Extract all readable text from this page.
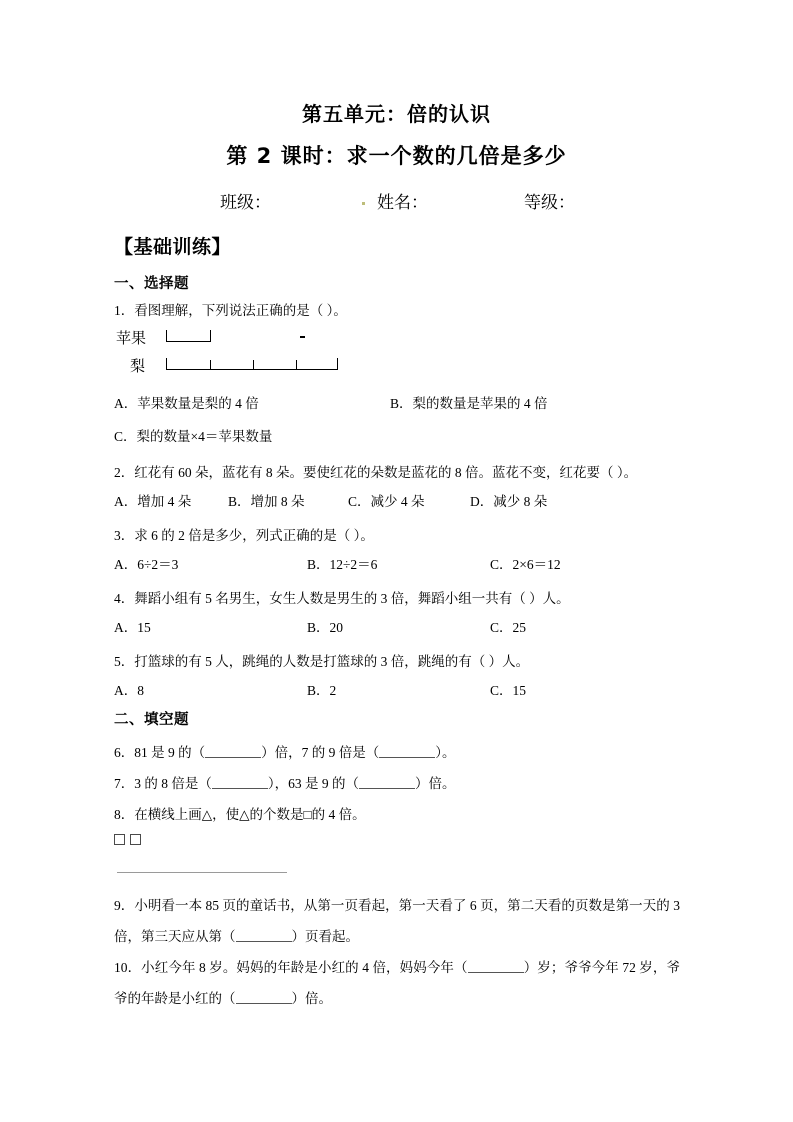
第五单元：倍的认识
第 2 课时：求一个数的几倍是多少
班级：	姓名：	等级：
【基础训练】
一、选择题
1．看图理解，下列说法正确的是（ ）。
苹果
梨
A．苹果数量是梨的 4 倍	B．梨的数量是苹果的 4 倍
C．梨的数量×4＝苹果数量
2．红花有 60 朵，蓝花有 8 朵。要使红花的朵数是蓝花的 8 倍。蓝花不变，红花要（ ）。
A．增加 4 朵	B．增加 8 朵	C．减少 4 朵	D．减少 8 朵
3．求 6 的 2 倍是多少，列式正确的是（ ）。
A．6÷2＝3	B．12÷2＝6	C．2×6＝12
4．舞蹈小组有 5 名男生，女生人数是男生的 3 倍，舞蹈小组一共有（ ）人。
A．15	B．20	C．25
5．打篮球的有 5 人，跳绳的人数是打篮球的 3 倍，跳绳的有（ ）人。
A．8	B．2	C．15
二、填空题
6．81 是 9 的（	）倍，7 的 9 倍是（	）。
7．3 的 8 倍是（	），63 是 9 的（	）倍。
8．在横线上画△，使△的个数是□的 4 倍。
9．小明看一本 85 页的童话书，从第一页看起，第一天看了 6 页，第二天看的页数是第一天的 3 倍，第三天应从第（	）页看起。
10．小红今年 8 岁。妈妈的年龄是小红的 4 倍，妈妈今年（	）岁；爷爷今年 72 岁，爷爷的年龄是小红的（	）倍。
